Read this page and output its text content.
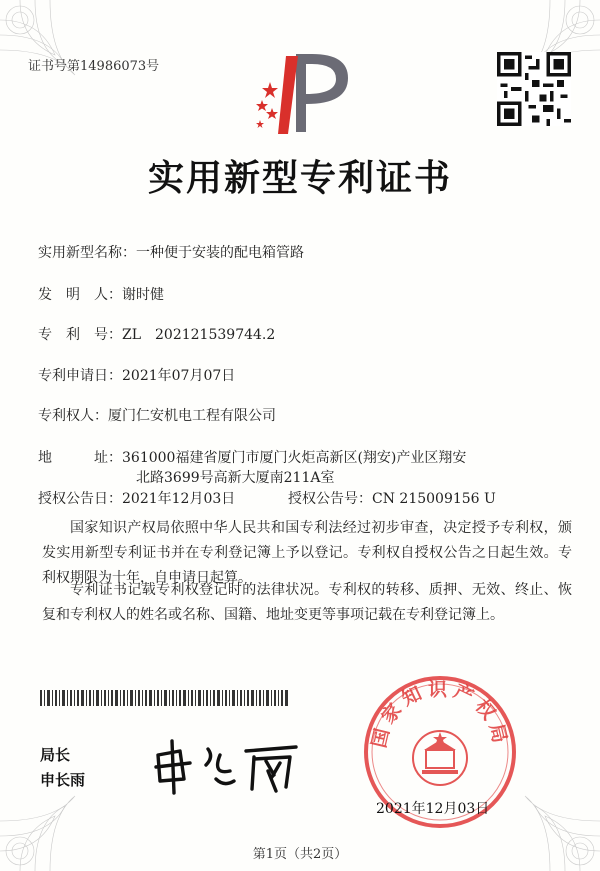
证书号第14986073号
实用新型专利证书
实用新型名称：一种便于安装的配电箱管路
发　明　人：谢时健
专　利　号：ZL　202121539744.2
专利申请日：2021年07月07日
专利权人：厦门仁安机电工程有限公司
地　　　址：361000福建省厦门市厦门火炬高新区(翔安)产业区翔安
北路3699号高新大厦南211A室
授权公告日：2021年12月03日	授权公告号：CN 215009156 U
国家知识产权局依照中华人民共和国专利法经过初步审查，决定授予专利权，颁发实用新型专利证书并在专利登记簿上予以登记。专利权自授权公告之日起生效。专利权期限为十年，自申请日起算。
专利证书记载专利权登记时的法律状况。专利权的转移、质押、无效、终止、恢复和专利权人的姓名或名称、国籍、地址变更等事项记载在专利登记簿上。
国家知识产权局
局长
申长雨
2021年12月03日
第1页（共2页）
